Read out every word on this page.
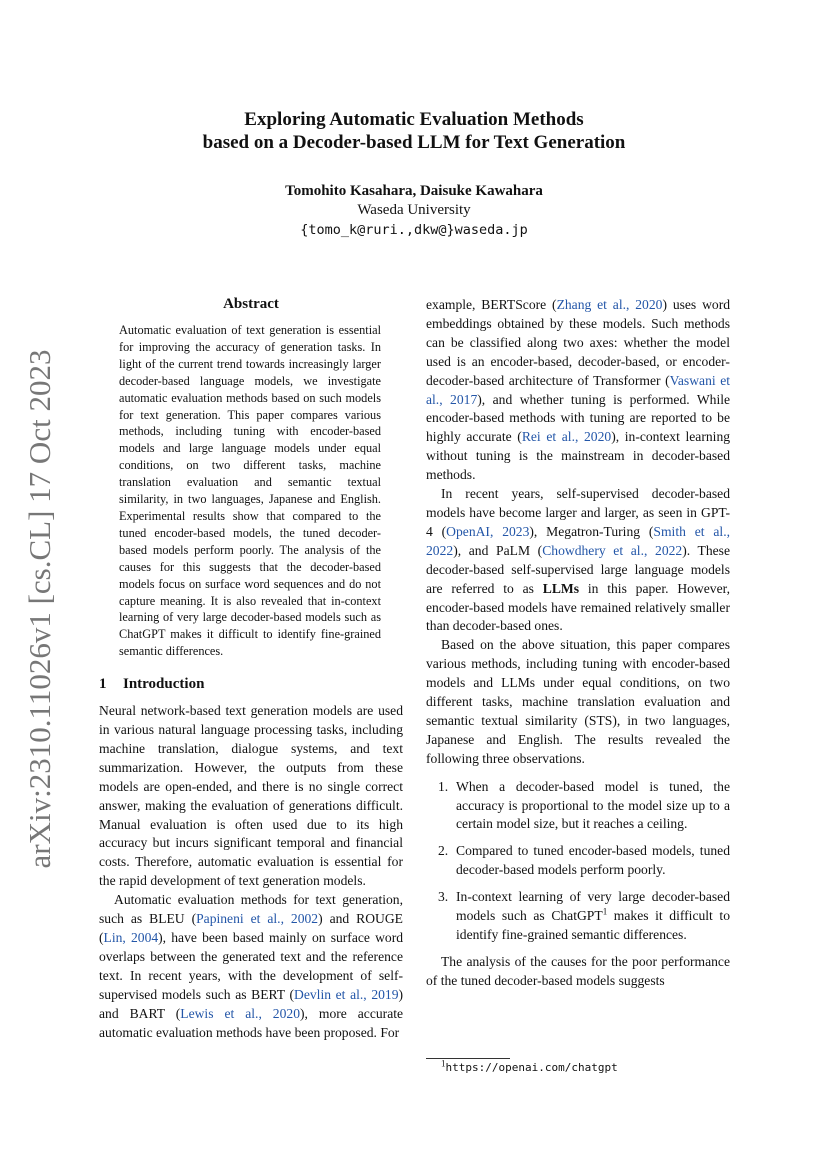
Exploring Automatic Evaluation Methods
based on a Decoder-based LLM for Text Generation
Tomohito Kasahara, Daisuke Kawahara
Waseda University
{tomo_k@ruri.,dkw@}waseda.jp
arXiv:2310.11026v1 [cs.CL] 17 Oct 2023
Abstract

Automatic evaluation of text generation is essential for improving the accuracy of generation tasks. In light of the current trend towards increasingly larger decoder-based language models, we investigate automatic evaluation methods based on such models for text generation. This paper compares various methods, including tuning with encoder-based models and large language models under equal conditions, on two different tasks, machine translation evaluation and semantic textual similarity, in two languages, Japanese and English. Experimental results show that compared to the tuned encoder-based models, the tuned decoder-based models perform poorly. The analysis of the causes for this suggests that the decoder-based models focus on surface word sequences and do not capture meaning. It is also revealed that in-context learning of very large decoder-based models such as ChatGPT makes it difficult to identify fine-grained semantic differences.

1 Introduction

Neural network-based text generation models are used in various natural language processing tasks, including machine translation, dialogue systems, and text summarization. However, the outputs from these models are open-ended, and there is no single correct answer, making the evaluation of generations difficult. Manual evaluation is often used due to its high accuracy but incurs significant temporal and financial costs. Therefore, automatic evaluation is essential for the rapid development of text generation models.

Automatic evaluation methods for text generation, such as BLEU (Papineni et al., 2002) and ROUGE (Lin, 2004), have been based mainly on surface word overlaps between the generated text and the reference text. In recent years, with the development of self-supervised models such as BERT (Devlin et al., 2019) and BART (Lewis et al., 2020), more accurate automatic evaluation methods have been proposed. For

example, BERTScore (Zhang et al., 2020) uses word embeddings obtained by these models. Such methods can be classified along two axes: whether the model used is an encoder-based, decoder-based, or encoder-decoder-based architecture of Transformer (Vaswani et al., 2017), and whether tuning is performed. While encoder-based methods with tuning are reported to be highly accurate (Rei et al., 2020), in-context learning without tuning is the mainstream in decoder-based methods.

In recent years, self-supervised decoder-based models have become larger and larger, as seen in GPT-4 (OpenAI, 2023), Megatron-Turing (Smith et al., 2022), and PaLM (Chowdhery et al., 2022). These decoder-based self-supervised large language models are referred to as LLMs in this paper. However, encoder-based models have remained relatively smaller than decoder-based ones.

Based on the above situation, this paper compares various methods, including tuning with encoder-based models and LLMs under equal conditions, on two different tasks, machine translation evaluation and semantic textual similarity (STS), in two languages, Japanese and English. The results revealed the following three observations.

1. When a decoder-based model is tuned, the accuracy is proportional to the model size up to a certain model size, but it reaches a ceiling.
2. Compared to tuned encoder-based models, tuned decoder-based models perform poorly.
3. In-context learning of very large decoder-based models such as ChatGPT$^1$ makes it difficult to identify fine-grained semantic differences.

The analysis of the causes for the poor performance of the tuned decoder-based models suggests

$^1$https://openai.com/chatgpt
